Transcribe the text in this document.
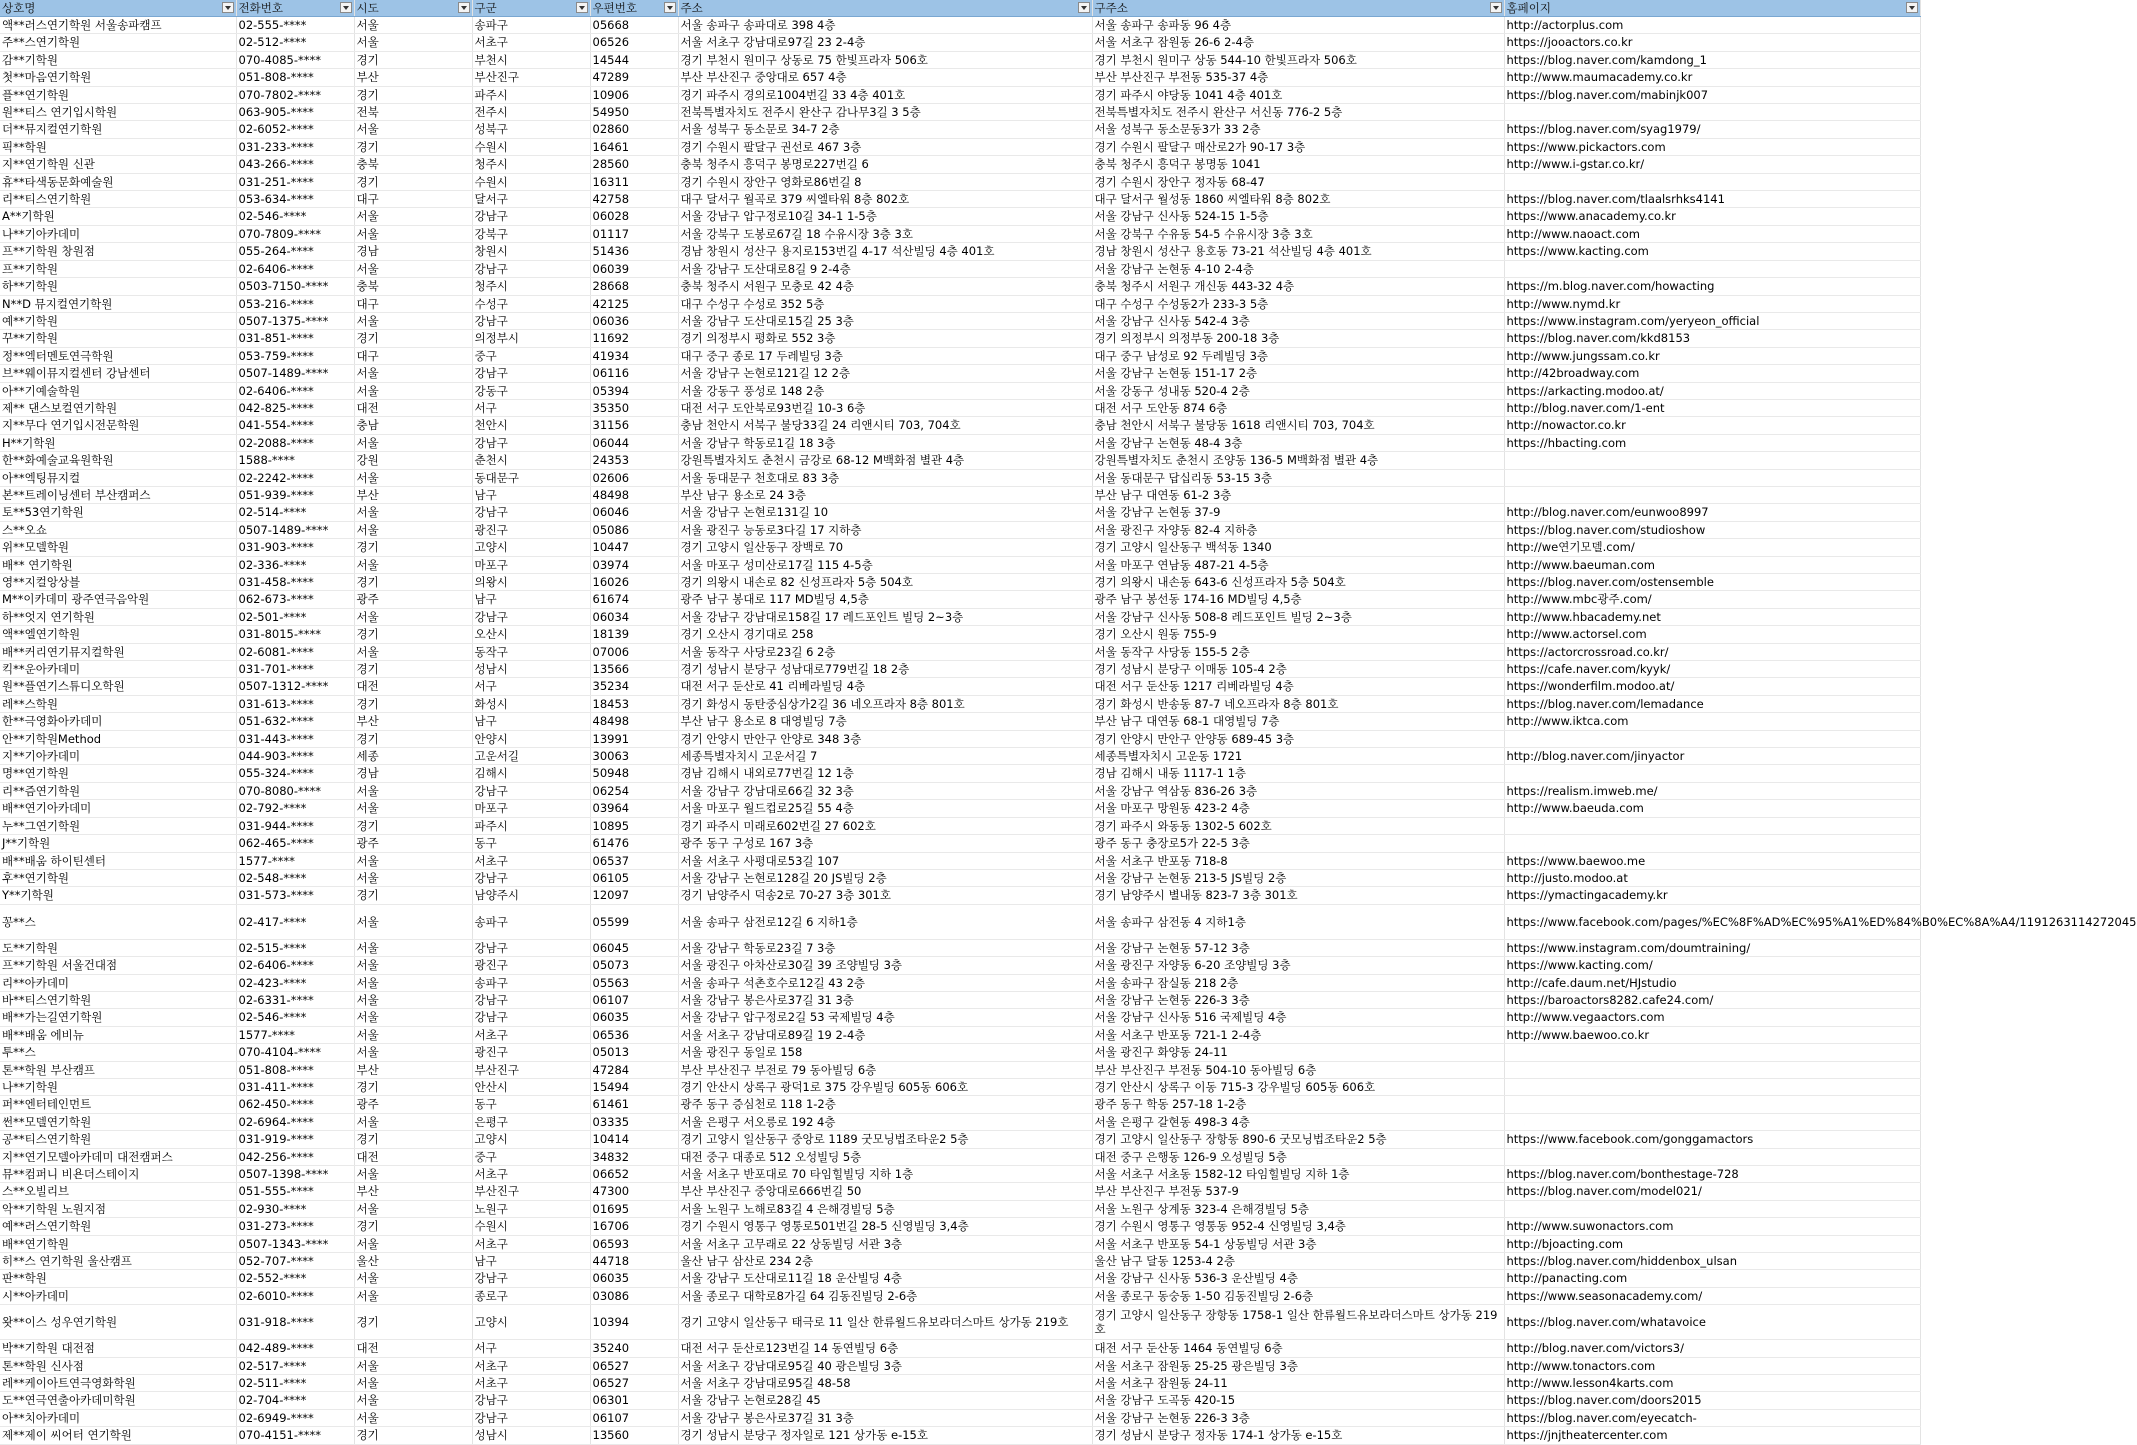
상호명	전화번호	시도	구군	우편번호	주소	구주소	홈페이지

액**러스연기학원 서울송파캠프	02-555-****	서울	송파구	05668	서울 송파구 송파대로 398 4층	서울 송파구 송파동 96 4층	http://actorplus.com
주**스연기학원	02-512-****	서울	서초구	06526	서울 서초구 강남대로97길 23 2-4층	서울 서초구 잠원동 26-6 2-4층	https://jooactors.co.kr
감**기학원	070-4085-****	경기	부천시	14544	경기 부천시 원미구 상동로 75 한빛프라자 506호	경기 부천시 원미구 상동 544-10 한빛프라자 506호	https://blog.naver.com/kamdong_1
첫**마음연기학원	051-808-****	부산	부산진구	47289	부산 부산진구 중앙대로 657 4층	부산 부산진구 부전동 535-37 4층	http://www.maumacademy.co.kr
플**연기학원	070-7802-****	경기	파주시	10906	경기 파주시 경의로1004번길 33 4층 401호	경기 파주시 야당동 1041 4층 401호	https://blog.naver.com/mabinjk007
원**티스 연기입시학원	063-905-****	전북	전주시	54950	전북특별자치도 전주시 완산구 감나무3길 3 5층	전북특별자치도 전주시 완산구 서신동 776-2 5층	
더**뮤지컬연기학원	02-6052-****	서울	성북구	02860	서울 성북구 동소문로 34-7 2층	서울 성북구 동소문동3가 33 2층	https://blog.naver.com/syag1979/
픽**학원	031-233-****	경기	수원시	16461	경기 수원시 팔달구 권선로 467 3층	경기 수원시 팔달구 매산로2가 90-17 3층	https://www.pickactors.com
지**연기학원 신관	043-266-****	충북	청주시	28560	충북 청주시 흥덕구 봉명로227번길 6	충북 청주시 흥덕구 봉명동 1041	http://www.i-gstar.co.kr/
휴**타색동문화예술원	031-251-****	경기	수원시	16311	경기 수원시 장안구 영화로86번길 8	경기 수원시 장안구 정자동 68-47	
리**티스연기학원	053-634-****	대구	달서구	42758	대구 달서구 월곡로 379 씨엘타워 8층 802호	대구 달서구 월성동 1860 씨엘타워 8층 802호	https://blog.naver.com/tlaalsrhks4141
A**기학원	02-546-****	서울	강남구	06028	서울 강남구 압구정로10길 34-1 1-5층	서울 강남구 신사동 524-15 1-5층	https://www.anacademy.co.kr
나**기아카데미	070-7809-****	서울	강북구	01117	서울 강북구 도봉로67길 18 수유시장 3층 3호	서울 강북구 수유동 54-5 수유시장 3층 3호	http://www.naoact.com
프**기학원 창원점	055-264-****	경남	창원시	51436	경남 창원시 성산구 용지로153번길 4-17 석산빌딩 4층 401호	경남 창원시 성산구 용호동 73-21 석산빌딩 4층 401호	https://www.kacting.com
프**기학원	02-6406-****	서울	강남구	06039	서울 강남구 도산대로8길 9 2-4층	서울 강남구 논현동 4-10 2-4층	
하**기학원	0503-7150-****	충북	청주시	28668	충북 청주시 서원구 모충로 42 4층	충북 청주시 서원구 개신동 443-32 4층	https://m.blog.naver.com/howacting
N**D 뮤지컬연기학원	053-216-****	대구	수성구	42125	대구 수성구 수성로 352 5층	대구 수성구 수성동2가 233-3 5층	http://www.nymd.kr
예**기학원	0507-1375-****	서울	강남구	06036	서울 강남구 도산대로15길 25 3층	서울 강남구 신사동 542-4 3층	https://www.instagram.com/yeryeon_official
꾸**기학원	031-851-****	경기	의정부시	11692	경기 의정부시 평화로 552 3층	경기 의정부시 의정부동 200-18 3층	https://blog.naver.com/kkd8153
정**엑터멘토연극학원	053-759-****	대구	중구	41934	대구 중구 종로 17 두레빌딩 3층	대구 중구 남성로 92 두레빌딩 3층	http://www.jungssam.co.kr
브**웨이뮤지컬센터 강남센터	0507-1489-****	서울	강남구	06116	서울 강남구 논현로121길 12 2층	서울 강남구 논현동 151-17 2층	http://42broadway.com
아**기예술학원	02-6406-****	서울	강동구	05394	서울 강동구 풍성로 148 2층	서울 강동구 성내동 520-4 2층	https://arkacting.modoo.at/
제** 댄스보컬연기학원	042-825-****	대전	서구	35350	대전 서구 도안북로93번길 10-3 6층	대전 서구 도안동 874 6층	http://blog.naver.com/1-ent
지**무다 연기입시전문학원	041-554-****	충남	천안시	31156	충남 천안시 서북구 불당33길 24 리앤시티 703, 704호	충남 천안시 서북구 불당동 1618 리앤시티 703, 704호	http://nowactor.co.kr
H**기학원	02-2088-****	서울	강남구	06044	서울 강남구 학동로1길 18 3층	서울 강남구 논현동 48-4 3층	https://hbacting.com
한**화예술교육원학원	1588-****	강원	춘천시	24353	강원특별자치도 춘천시 금강로 68-12 M백화점 별관 4층	강원특별자치도 춘천시 조양동 136-5 M백화점 별관 4층	
아**엑팅뮤지컬	02-2242-****	서울	동대문구	02606	서울 동대문구 천호대로 83 3층	서울 동대문구 답십리동 53-15 3층	
본**트레이닝센터 부산캠퍼스	051-939-****	부산	남구	48498	부산 남구 용소로 24 3층	부산 남구 대연동 61-2 3층	
토**53연기학원	02-514-****	서울	강남구	06046	서울 강남구 논현로131길 10	서울 강남구 논현동 37-9	http://blog.naver.com/eunwoo8997
스**오쇼	0507-1489-****	서울	광진구	05086	서울 광진구 능동로3다길 17 지하층	서울 광진구 자양동 82-4 지하층	https://blog.naver.com/studioshow
위**모델학원	031-903-****	경기	고양시	10447	경기 고양시 일산동구 장백로 70	경기 고양시 일산동구 백석동 1340	http://we연기모델.com/
배** 연기학원	02-336-****	서울	마포구	03974	서울 마포구 성미산로17길 115 4-5층	서울 마포구 연남동 487-21 4-5층	http://www.baeuman.com
영**지컬앙상블	031-458-****	경기	의왕시	16026	경기 의왕시 내손로 82 신성프라자 5층 504호	경기 의왕시 내손동 643-6 신성프라자 5층 504호	https://blog.naver.com/ostensemble
M**이카데미 광주연극음악원	062-673-****	광주	남구	61674	광주 남구 봉대로 117 MD빌딩 4,5층	광주 남구 봉선동 174-16 MD빌딩 4,5층	http://www.mbc광주.com/
하**엇지 연기학원	02-501-****	서울	강남구	06034	서울 강남구 강남대로158길 17 레드포인트 빌딩 2~3층	서울 강남구 신사동 508-8 레드포인트 빌딩 2~3층	http://www.hbacademy.net
액**엘연기학원	031-8015-****	경기	오산시	18139	경기 오산시 경기대로 258	경기 오산시 원동 755-9	http://www.actorsel.com
배**커리연기뮤지컬학원	02-6081-****	서울	동작구	07006	서울 동작구 사당로23길 6 2층	서울 동작구 사당동 155-5 2층	https://actorcrossroad.co.kr/
킥**운아카데미	031-701-****	경기	성남시	13566	경기 성남시 분당구 성남대로779번길 18 2층	경기 성남시 분당구 이매동 105-4 2층	https://cafe.naver.com/kyyk/
원**플연기스튜디오학원	0507-1312-****	대전	서구	35234	대전 서구 둔산로 41 리베라빌딩 4층	대전 서구 둔산동 1217 리베라빌딩 4층	https://wonderfilm.modoo.at/
레**스학원	031-613-****	경기	화성시	18453	경기 화성시 동탄중심상가2길 36 네오프라자 8층 801호	경기 화성시 반송동 87-7 네오프라자 8층 801호	https://blog.naver.com/lemadance
한**극영화아카데미	051-632-****	부산	남구	48498	부산 남구 용소로 8 대영빌딩 7층	부산 남구 대연동 68-1 대영빌딩 7층	http://www.iktca.com
안**기학원Method	031-443-****	경기	안양시	13991	경기 안양시 만안구 안양로 348 3층	경기 안양시 만안구 안양동 689-45 3층	
지**기아카데미	044-903-****	세종	고운서길	30063	세종특별자치시 고운서길 7	세종특별자치시 고운동 1721	http://blog.naver.com/jinyactor
명**연기학원	055-324-****	경남	김해시	50948	경남 김해시 내외로77번길 12 1층	경남 김해시 내동 1117-1 1층	
리**즘연기학원	070-8080-****	서울	강남구	06254	서울 강남구 강남대로66길 32 3층	서울 강남구 역삼동 836-26 3층	https://realism.imweb.me/
배**연기아카데미	02-792-****	서울	마포구	03964	서울 마포구 월드컵로25길 55 4층	서울 마포구 망원동 423-2 4층	http://www.baeuda.com
누**그연기학원	031-944-****	경기	파주시	10895	경기 파주시 미래로602번길 27 602호	경기 파주시 와동동 1302-5 602호	
J**기학원	062-465-****	광주	동구	61476	광주 동구 구성로 167 3층	광주 동구 충장로5가 22-5 3층	
배**배움 하이틴센터	1577-****	서울	서초구	06537	서울 서초구 사평대로53길 107	서울 서초구 반포동 718-8	https://www.baewoo.me
후**연기학원	02-548-****	서울	강남구	06105	서울 강남구 논현로128길 20 JS빌딩 2층	서울 강남구 논현동 213-5 JS빌딩 2층	http://justo.modoo.at
Y**기학원	031-573-****	경기	남양주시	12097	경기 남양주시 덕송2로 70-27 3층 301호	경기 남양주시 별내동 823-7 3층 301호	https://ymactingacademy.kr
꽁**스	02-417-****	서울	송파구	05599	서울 송파구 삼전로12길 6 지하1층	서울 송파구 삼전동 4 지하1층	https://www.facebook.com/pages/%EC%8F%AD%EC%95%A1%ED%84%B0%EC%8A%A4/1191263114272045
도**기학원	02-515-****	서울	강남구	06045	서울 강남구 학동로23길 7 3층	서울 강남구 논현동 57-12 3층	https://www.instagram.com/doumtraining/
프**기학원 서울건대점	02-6406-****	서울	광진구	05073	서울 광진구 아차산로30길 39 조양빌딩 3층	서울 광진구 자양동 6-20 조양빌딩 3층	https://www.kacting.com/
리**아카데미	02-423-****	서울	송파구	05563	서울 송파구 석촌호수로12길 43 2층	서울 송파구 잠실동 218 2층	http://cafe.daum.net/HJstudio
바**티스연기학원	02-6331-****	서울	강남구	06107	서울 강남구 봉은사로37길 31 3층	서울 강남구 논현동 226-3 3층	https://baroactors8282.cafe24.com/
배**가는길연기학원	02-546-****	서울	강남구	06035	서울 강남구 압구정로2길 53 국제빌딩 4층	서울 강남구 신사동 516 국제빌딩 4층	http://www.vegaactors.com
배**배움 에비뉴	1577-****	서울	서초구	06536	서울 서초구 강남대로89길 19 2-4층	서울 서초구 반포동 721-1 2-4층	http://www.baewoo.co.kr
투**스	070-4104-****	서울	광진구	05013	서울 광진구 동일로 158	서울 광진구 화양동 24-11	
톤**학원 부산캠프	051-808-****	부산	부산진구	47284	부산 부산진구 부전로 79 동아빌딩 6층	부산 부산진구 부전동 504-10 동아빌딩 6층	
나**기학원	031-411-****	경기	안산시	15494	경기 안산시 상록구 광덕1로 375 강우빌딩 605동 606호	경기 안산시 상록구 이동 715-3 강우빌딩 605동 606호	
퍼**엔터테인먼트	062-450-****	광주	동구	61461	광주 동구 증심천로 118 1-2층	광주 동구 학동 257-18 1-2층	
썬**모델연기학원	02-6964-****	서울	은평구	03335	서울 은평구 서오릉로 192 4층	서울 은평구 갈현동 498-3 4층	
공**티스연기학원	031-919-****	경기	고양시	10414	경기 고양시 일산동구 중앙로 1189 굿모닝법조타운2 5층	경기 고양시 일산동구 장항동 890-6 굿모닝법조타운2 5층	https://www.facebook.com/gonggamactors
지**연기모델아카데미 대전캠퍼스	042-256-****	대전	중구	34832	대전 중구 대종로 512 오성빌딩 5층	대전 중구 은행동 126-9 오성빌딩 5층	
뮤**컴퍼니 비욘더스테이지	0507-1398-****	서울	서초구	06652	서울 서초구 반포대로 70 타임힐빌딩 지하 1층	서울 서초구 서초동 1582-12 타임힐빌딩 지하 1층	https://blog.naver.com/bonthestage-728
스**오빌리브	051-555-****	부산	부산진구	47300	부산 부산진구 중앙대로666번길 50	부산 부산진구 부전동 537-9	https://blog.naver.com/model021/
악**기학원 노원지점	02-930-****	서울	노원구	01695	서울 노원구 노해로83길 4 은해경빌딩 5층	서울 노원구 상계동 323-4 은해경빌딩 5층	
예**러스연기학원	031-273-****	경기	수원시	16706	경기 수원시 영통구 영통로501번길 28-5 신영빌딩 3,4층	경기 수원시 영통구 영통동 952-4 신영빌딩 3,4층	http://www.suwonactors.com
배**연기학원	0507-1343-****	서울	서초구	06593	서울 서초구 고무래로 22 상동빌딩 서관 3층	서울 서초구 반포동 54-1 상동빌딩 서관 3층	http://bjoacting.com
히**스 연기학원 울산캠프	052-707-****	울산	남구	44718	울산 남구 삼산로 234 2층	울산 남구 달동 1253-4 2층	https://blog.naver.com/hiddenbox_ulsan
판**학원	02-552-****	서울	강남구	06035	서울 강남구 도산대로11길 18 운산빌딩 4층	서울 강남구 신사동 536-3 운산빌딩 4층	http://panacting.com
시**아카데미	02-6010-****	서울	종로구	03086	서울 종로구 대학로8가길 64 김동진빌딩 2-6층	서울 종로구 동숭동 1-50 김동진빌딩 2-6층	https://www.seasonacademy.com/
왓**이스 성우연기학원	031-918-****	경기	고양시	10394	경기 고양시 일산동구 태극로 11 일산 한류월드유보라더스마트 상가동 219호	경기 고양시 일산동구 장항동 1758-1 일산 한류월드유보라더스마트 상가동 219호	https://blog.naver.com/whatavoice
박**기학원 대전점	042-489-****	대전	서구	35240	대전 서구 둔산로123번길 14 동연빌딩 6층	대전 서구 둔산동 1464 동연빌딩 6층	http://blog.naver.com/victors3/
톤**학원 신사점	02-517-****	서울	서초구	06527	서울 서초구 강남대로95길 40 광은빌딩 3층	서울 서초구 잠원동 25-25 광은빌딩 3층	http://www.tonactors.com
레**케이아트연극영화학원	02-511-****	서울	서초구	06527	서울 서초구 강남대로95길 48-58	서울 서초구 잠원동 24-11	http://www.lesson4karts.com
도**연극연출아카데미학원	02-704-****	서울	강남구	06301	서울 강남구 논현로28길 45	서울 강남구 도곡동 420-15	https://blog.naver.com/doors2015
아**치아카데미	02-6949-****	서울	강남구	06107	서울 강남구 봉은사로37길 31 3층	서울 강남구 논현동 226-3 3층	https://blog.naver.com/eyecatch-
제**제이 씨어터 연기학원	070-4151-****	경기	성남시	13560	경기 성남시 분당구 정자일로 121 상가동 e-15호	경기 성남시 분당구 정자동 174-1 상가동 e-15호	https://jnjtheatercenter.com
